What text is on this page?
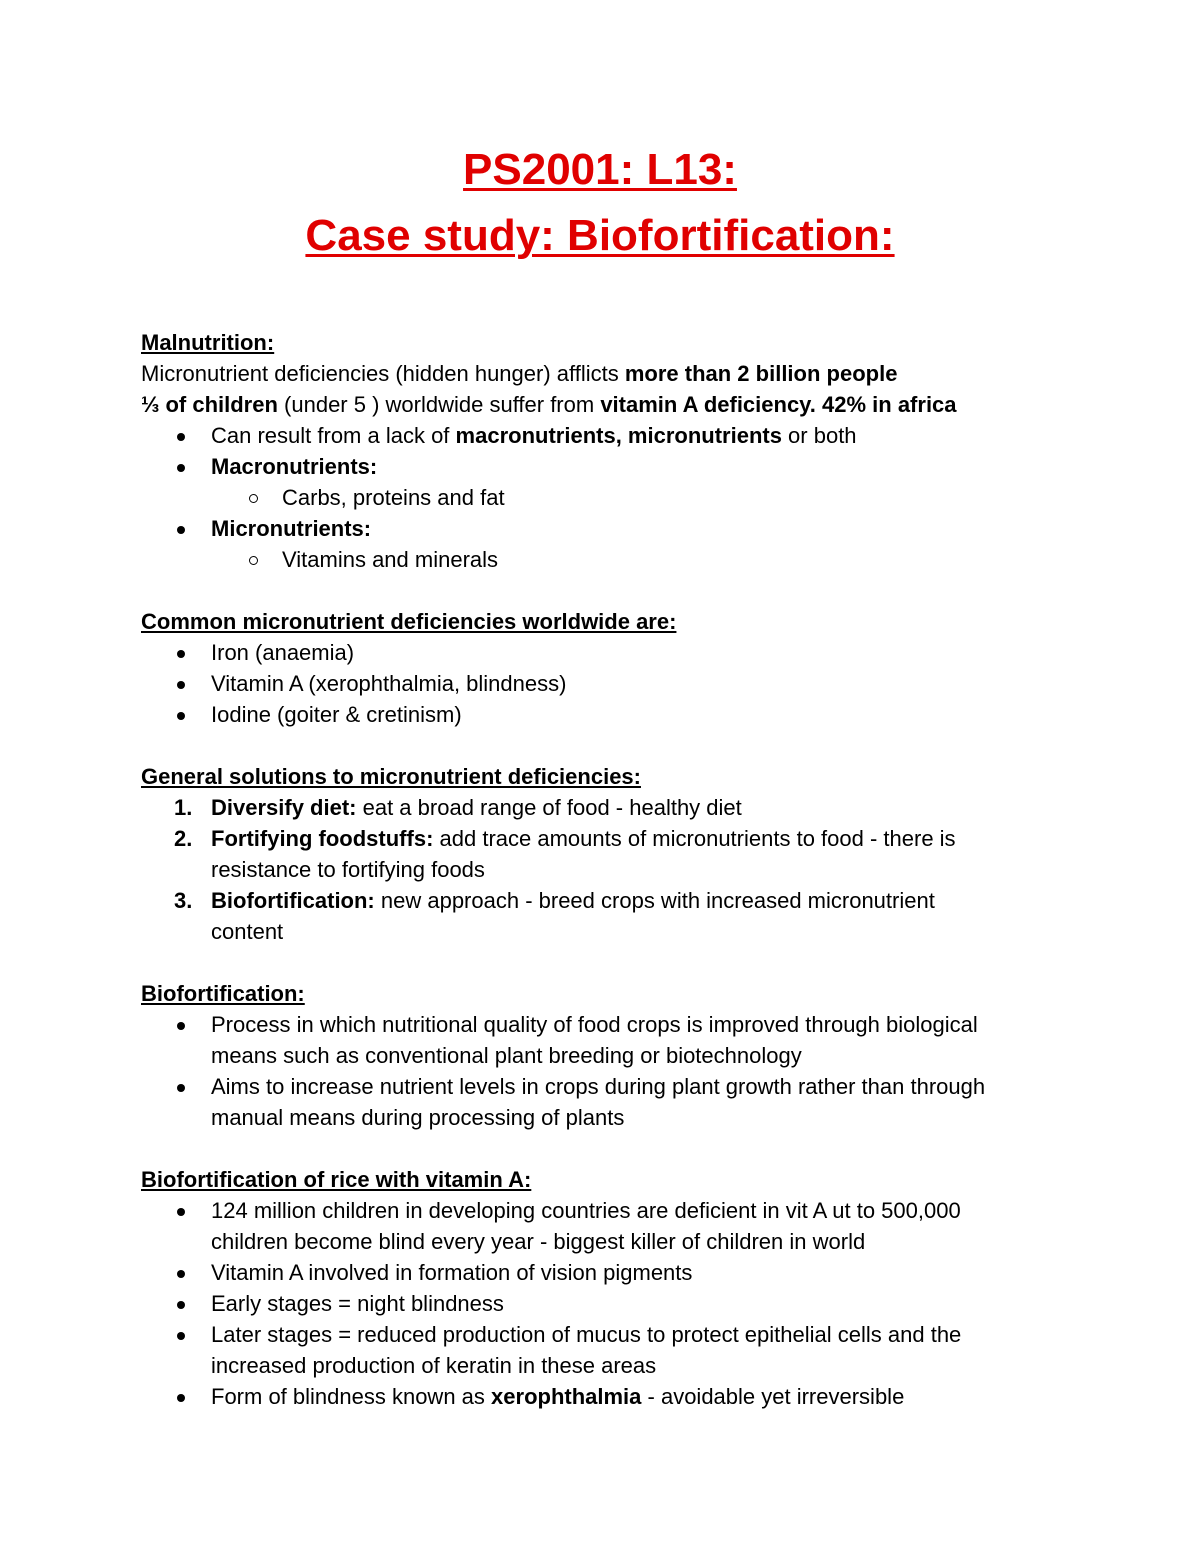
PS2001: L13:
Case study: Biofortification:
Malnutrition:
Micronutrient deficiencies (hidden hunger) afflicts more than 2 billion people
⅓ of children (under 5 ) worldwide suffer from vitamin A deficiency. 42% in africa
Can result from a lack of macronutrients, micronutrients or both
Macronutrients:
Carbs, proteins and fat
Micronutrients:
Vitamins and minerals
Common micronutrient deficiencies worldwide are:
Iron (anaemia)
Vitamin A (xerophthalmia, blindness)
Iodine (goiter & cretinism)
General solutions to micronutrient deficiencies:
1. Diversify diet: eat a broad range of food - healthy diet
2. Fortifying foodstuffs: add trace amounts of micronutrients to food - there is
resistance to fortifying foods
3. Biofortification: new approach - breed crops with increased micronutrient
content
Biofortification:
Process in which nutritional quality of food crops is improved through biological
means such as conventional plant breeding or biotechnology
Aims to increase nutrient levels in crops during plant growth rather than through
manual means during processing of plants
Biofortification of rice with vitamin A:
124 million children in developing countries are deficient in vit A ut to 500,000
children become blind every year - biggest killer of children in world
Vitamin A involved in formation of vision pigments
Early stages = night blindness
Later stages = reduced production of mucus to protect epithelial cells and the
increased production of keratin in these areas
Form of blindness known as xerophthalmia - avoidable yet irreversible
